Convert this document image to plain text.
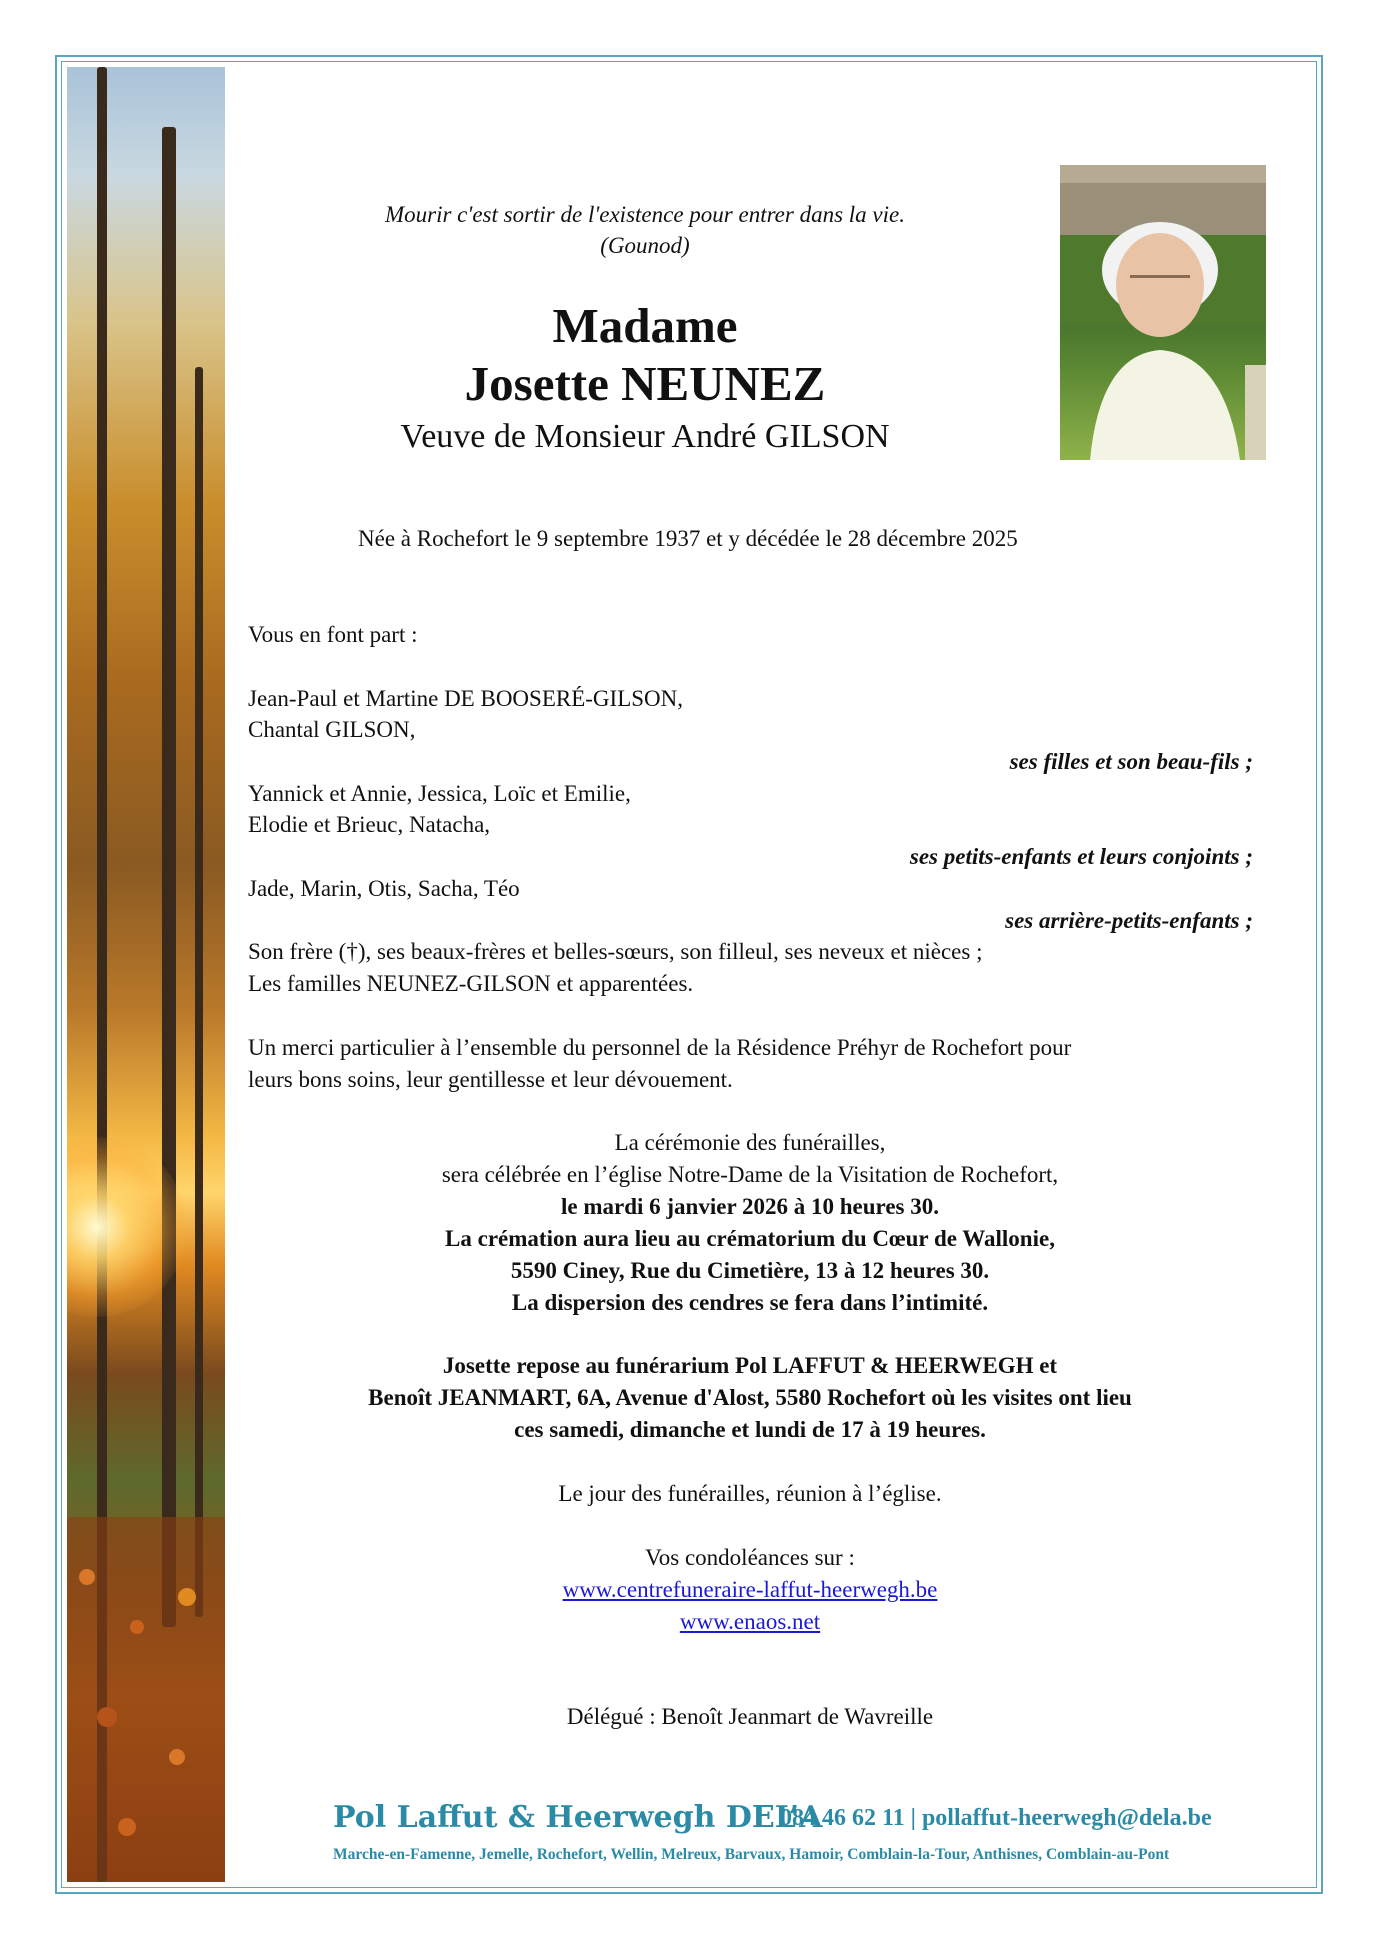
Mourir c'est sortir de l'existence pour entrer dans la vie.
(Gounod)
Madame
Josette NEUNEZ
Veuve de Monsieur André GILSON
Née à Rochefort le 9 septembre 1937 et y décédée le 28 décembre 2025
Vous en font part :
Jean-Paul et Martine DE BOOSERÉ-GILSON,
Chantal GILSON,
ses filles et son beau-fils ;
Yannick et Annie, Jessica, Loïc et Emilie,
Elodie et Brieuc, Natacha,
ses petits-enfants et leurs conjoints ;
Jade, Marin, Otis, Sacha, Téo
ses arrière-petits-enfants ;
Son frère (†), ses beaux-frères et belles-sœurs, son filleul, ses neveux et nièces ;
Les familles NEUNEZ-GILSON et apparentées.
Un merci particulier à l’ensemble du personnel de la Résidence Préhyr de Rochefort pour
leurs bons soins, leur gentillesse et leur dévouement.
La cérémonie des funérailles,
sera célébrée en l’église Notre-Dame de la Visitation de Rochefort,
le mardi 6 janvier 2026 à 10 heures 30.
La crémation aura lieu au crématorium du Cœur de Wallonie,
5590 Ciney, Rue du Cimetière, 13 à 12 heures 30.
La dispersion des cendres se fera dans l’intimité.
Josette repose au funérarium Pol LAFFUT & HEERWEGH et
Benoît JEANMART, 6A, Avenue d'Alost, 5580 Rochefort où les visites ont lieu
ces samedi, dimanche et lundi de 17 à 19 heures.
Le jour des funérailles, réunion à l’église.
Vos condoléances sur :
www.centrefuneraire-laffut-heerwegh.be
www.enaos.net
Délégué : Benoît Jeanmart de Wavreille
Pol Laffut & Heerwegh DEL’A
084 46 62 11 | pollaffut-heerwegh@dela.be
Marche-en-Famenne, Jemelle, Rochefort, Wellin, Melreux, Barvaux, Hamoir, Comblain-la-Tour, Anthisnes, Comblain-au-Pont
